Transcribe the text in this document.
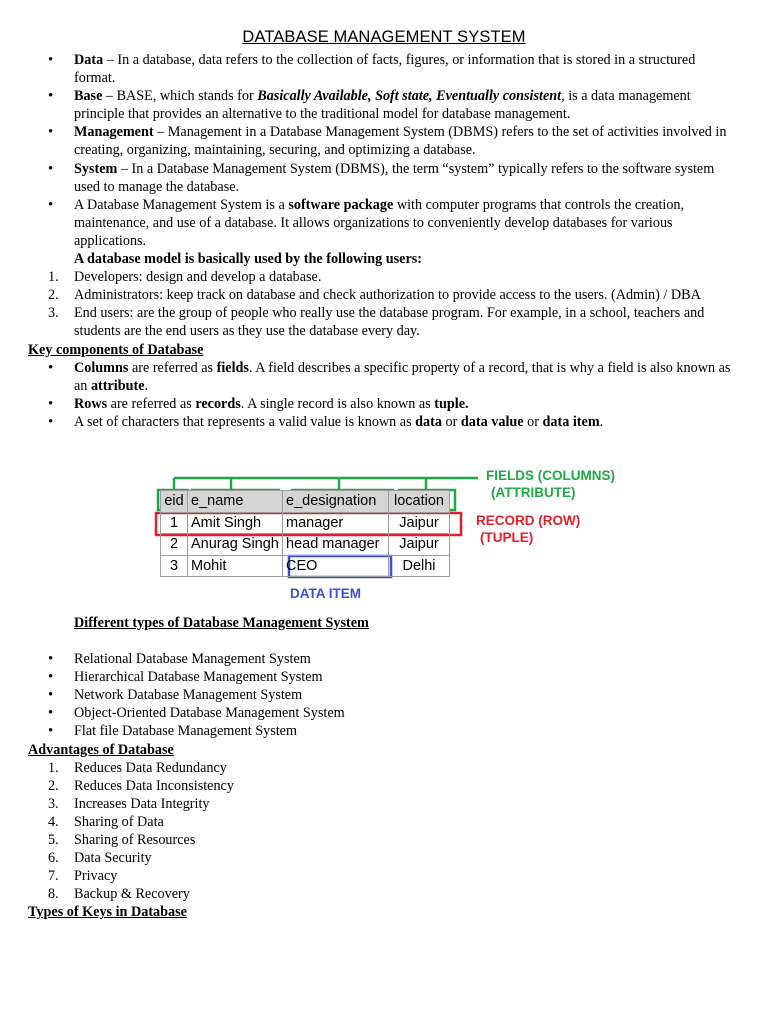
DATABASE MANAGEMENT SYSTEM
• Data – In a database, data refers to the collection of facts, figures, or information that is stored in a structured format.
• Base – BASE, which stands for Basically Available, Soft state, Eventually consistent, is a data management principle that provides an alternative to the traditional model for database management.
• Management – Management in a Database Management System (DBMS) refers to the set of activities involved in creating, organizing, maintaining, securing, and optimizing a database.
• System – In a Database Management System (DBMS), the term “system” typically refers to the software system used to manage the database.
• A Database Management System is a software package with computer programs that controls the creation, maintenance, and use of a database. It allows organizations to conveniently develop databases for various applications.
A database model is basically used by the following users:
1. Developers: design and develop a database.
2. Administrators: keep track on database and check authorization to provide access to the users. (Admin) / DBA
3. End users: are the group of people who really use the database program. For example, in a school, teachers and students are the end users as they use the database every day.
Key components of Database
• Columns are referred as fields. A field describes a specific property of a record, that is why a field is also known as an attribute.
• Rows are referred as records. A single record is also known as tuple.
• A set of characters that represents a valid value is known as data or data value or data item.
eid	e_name	e_designation	location
1	Amit Singh	manager	Jaipur
2	Anurag Singh	head manager	Jaipur
3	Mohit	CEO	Delhi
FIELDS (COLUMNS)
(ATTRIBUTE)
RECORD (ROW)
(TUPLE)
DATA ITEM
Different types of Database Management System
• Relational Database Management System
• Hierarchical Database Management System
• Network Database Management System
• Object-Oriented Database Management System
• Flat file Database Management System
Advantages of Database
1. Reduces Data Redundancy
2. Reduces Data Inconsistency
3. Increases Data Integrity
4. Sharing of Data
5. Sharing of Resources
6. Data Security
7. Privacy
8. Backup & Recovery
Types of Keys in Database
